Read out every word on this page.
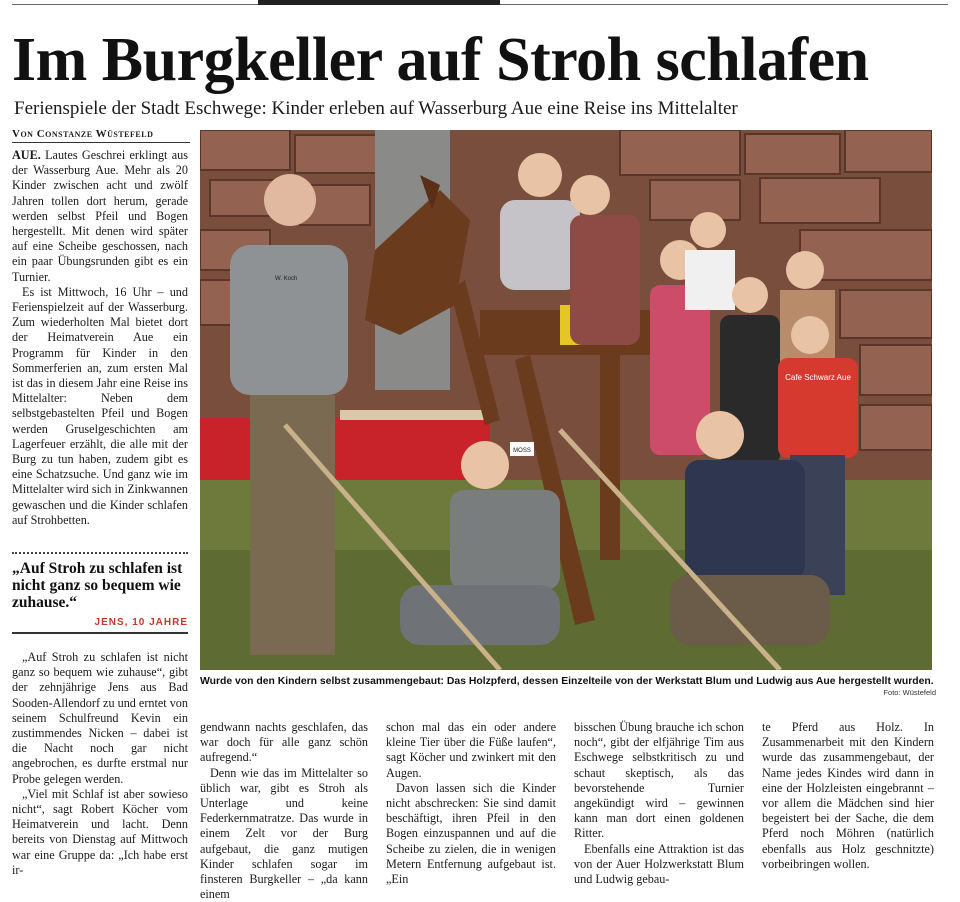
Im Burgkeller auf Stroh schlafen
Ferienspiele der Stadt Eschwege: Kinder erleben auf Wasserburg Aue eine Reise ins Mittelalter
Von Constanze Wüstefeld

AUE. Lautes Geschrei erklingt aus der Wasserburg Aue. Mehr als 20 Kinder zwischen acht und zwölf Jahren tollen dort herum, gerade werden selbst Pfeil und Bogen hergestellt. Mit denen wird später auf eine Scheibe geschossen, nach ein paar Übungsrunden gibt es ein Turnier.

Es ist Mittwoch, 16 Uhr – und Ferienspielzeit auf der Wasserburg. Zum wiederholten Mal bietet dort der Heimatverein Aue ein Programm für Kinder in den Sommerferien an, zum ersten Mal ist das in diesem Jahr eine Reise ins Mittelalter: Neben dem selbstgebastelten Pfeil und Bogen werden Gruselgeschichten am Lagerfeuer erzählt, die alle mit der Burg zu tun haben, zudem gibt es eine Schatzsuche. Und ganz wie im Mittelalter wird sich in Zinkwannen gewaschen und die Kinder schlafen auf Strohbetten.

„Auf Stroh zu schlafen ist nicht ganz so bequem wie zuhause.“
JENS, 10 JAHRE
Cafe Schwarz Aue
W. Koch
MOSS
Wurde von den Kindern selbst zusammengebaut: Das Holzpferd, dessen Einzelteile von der Werkstatt Blum und Ludwig aus Aue hergestellt wurden.
Foto: Wüstefeld

„Auf Stroh zu schlafen ist nicht ganz so bequem wie zuhause“, gibt der zehnjährige Jens aus Bad Sooden-Allendorf zu und erntet von seinem Schulfreund Kevin ein zustimmendes Nicken – dabei ist die Nacht noch gar nicht angebrochen, es durfte erstmal nur Probe gelegen werden.

„Viel mit Schlaf ist aber sowieso nicht“, sagt Robert Köcher vom Heimatverein und lacht. Denn bereits von Dienstag auf Mittwoch war eine Gruppe da: „Ich habe erst ir-

gendwann nachts geschlafen, das war doch für alle ganz schön aufregend.“

Denn wie das im Mittelalter so üblich war, gibt es Stroh als Unterlage und keine Federkernmatratze. Das wurde in einem Zelt vor der Burg aufgebaut, die ganz mutigen Kinder schlafen sogar im finsteren Burgkeller – „da kann einem

schon mal das ein oder andere kleine Tier über die Füße laufen“, sagt Köcher und zwinkert mit den Augen.

Davon lassen sich die Kinder nicht abschrecken: Sie sind damit beschäftigt, ihren Pfeil in den Bogen einzuspannen und auf die Scheibe zu zielen, die in wenigen Metern Entfernung aufgebaut ist. „Ein

bisschen Übung brauche ich schon noch“, gibt der elfjährige Tim aus Eschwege selbstkritisch zu und schaut skeptisch, als das bevorstehende Turnier angekündigt wird – gewinnen kann man dort einen goldenen Ritter.

Ebenfalls eine Attraktion ist das von der Auer Holzwerkstatt Blum und Ludwig gebau-

te Pferd aus Holz. In Zusammenarbeit mit den Kindern wurde das zusammengebaut, der Name jedes Kindes wird dann in eine der Holzleisten eingebrannt – vor allem die Mädchen sind hier begeistert bei der Sache, die dem Pferd noch Möhren (natürlich ebenfalls aus Holz geschnitzte) vorbeibringen wollen.
